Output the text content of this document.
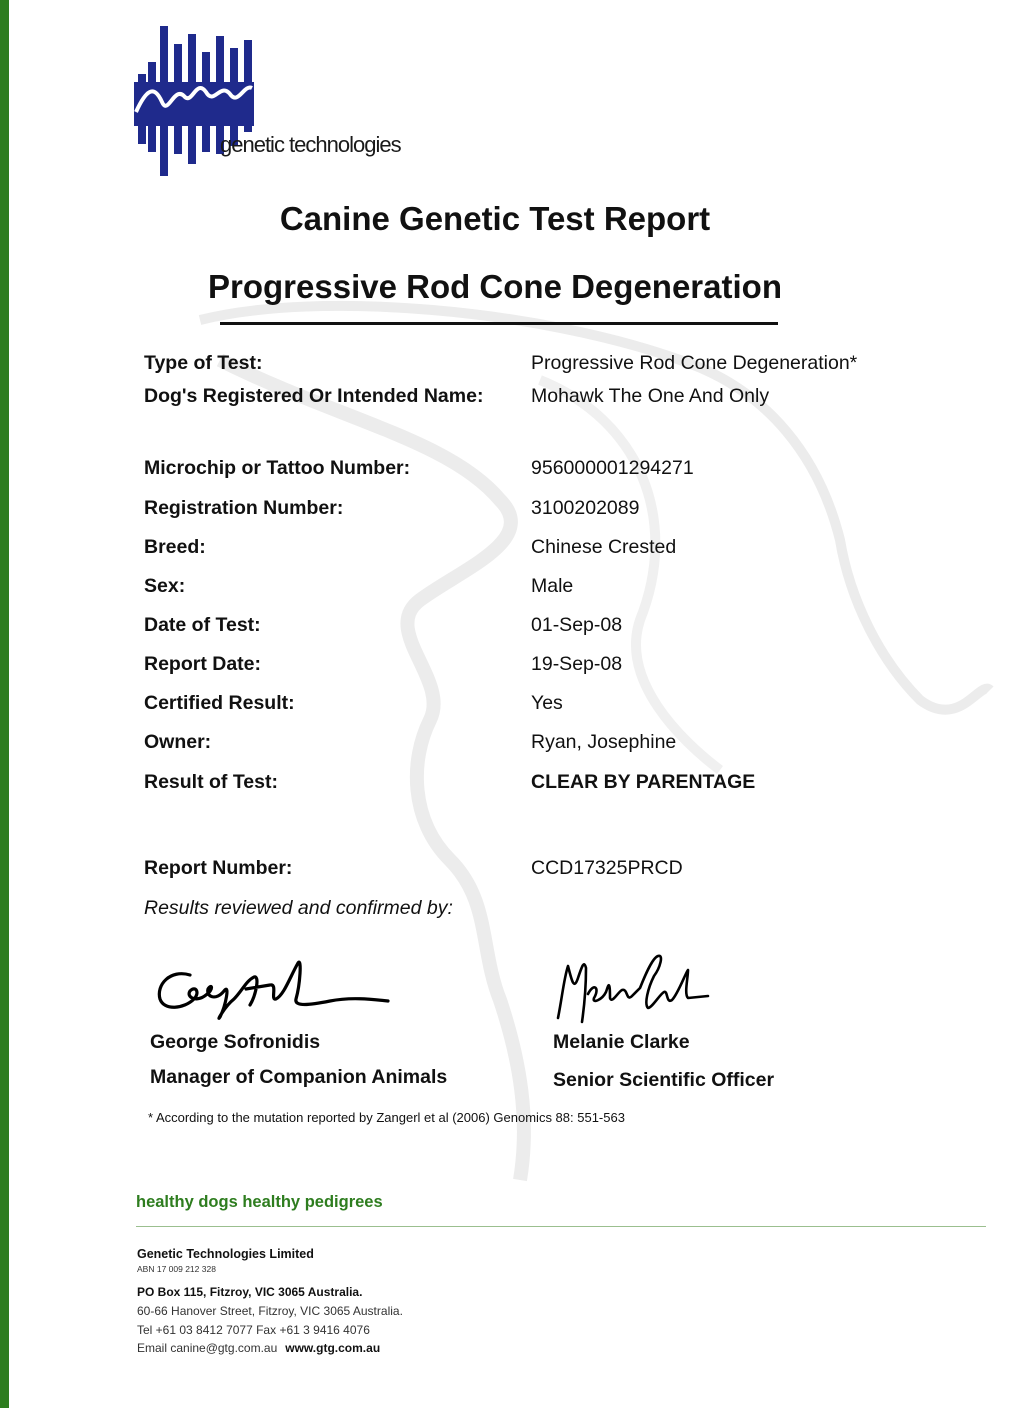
genetic technologies
Canine Genetic Test Report
Progressive Rod Cone Degeneration
Type of Test:	Progressive Rod Cone Degeneration*
Dog's Registered Or Intended Name: Mohawk The One And Only
Microchip or Tattoo Number:	956000001294271
Registration Number:	3100202089
Breed:	Chinese Crested
Sex:	Male
Date of Test:	01-Sep-08
Report Date:	19-Sep-08
Certified Result:	Yes
Owner:	Ryan, Josephine
Result of Test:	CLEAR BY PARENTAGE
Report Number:	CCD17325PRCD
Results reviewed and confirmed by:
George Sofronidis
Manager of Companion Animals
Melanie Clarke
Senior Scientific Officer
* According to the mutation reported by Zangerl et al (2006) Genomics 88: 551-563
healthy dogs healthy pedigrees
Genetic Technologies Limited
ABN 17 009 212 328
PO Box 115, Fitzroy, VIC 3065 Australia.
60-66 Hanover Street, Fitzroy, VIC 3065 Australia.
Tel +61 03 8412 7077 Fax +61 3 9416 4076
Email canine@gtg.com.au www.gtg.com.au
